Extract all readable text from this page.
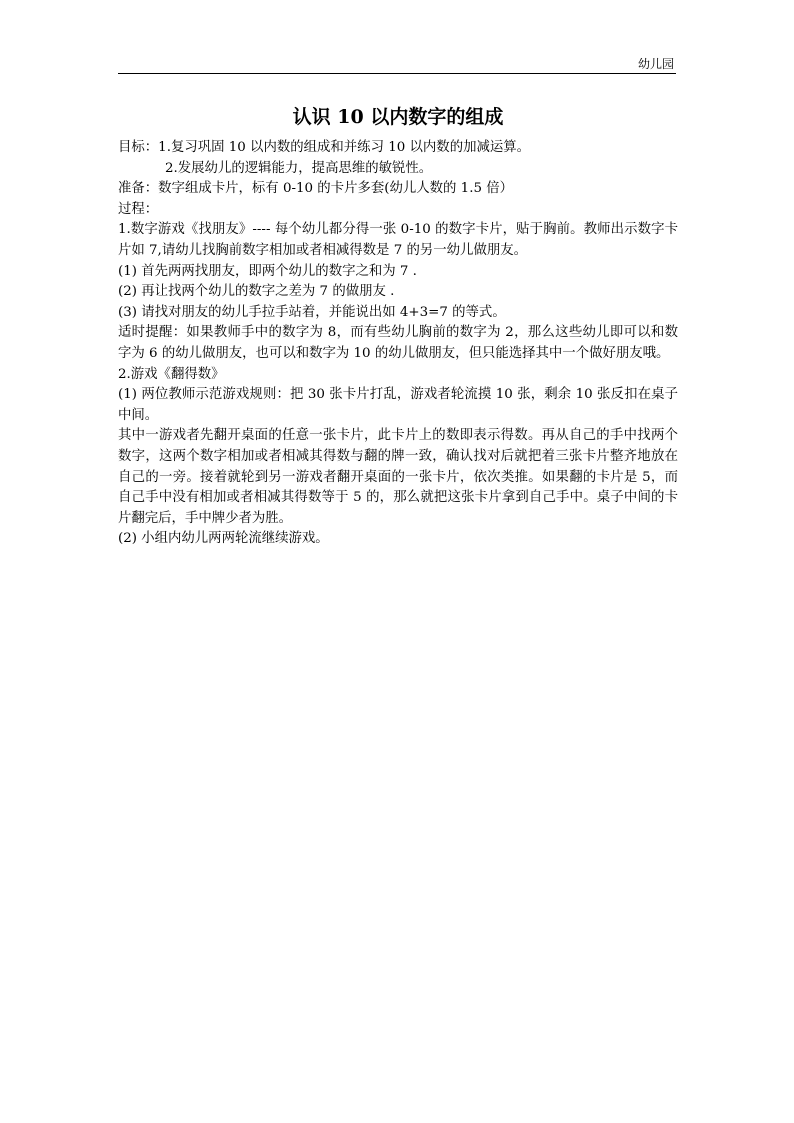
幼儿园
认识 10 以内数字的组成
目标：1.复习巩固 10 以内数的组成和并练习 10 以内数的加减运算。
2.发展幼儿的逻辑能力，提高思维的敏锐性。
准备：数字组成卡片，标有 0-10 的卡片多套(幼儿人数的 1.5 倍）
过程：
1.数字游戏《找朋友》---- 每个幼儿都分得一张 0-10 的数字卡片，贴于胸前。教师出示数字卡片如 7,请幼儿找胸前数字相加或者相减得数是 7 的另一幼儿做朋友。
(1) 首先两两找朋友，即两个幼儿的数字之和为 7 .
(2) 再让找两个幼儿的数字之差为 7 的做朋友 .
(3) 请找对朋友的幼儿手拉手站着，并能说出如 4+3=7 的等式。
适时提醒：如果教师手中的数字为 8，而有些幼儿胸前的数字为 2，那么这些幼儿即可以和数字为 6 的幼儿做朋友，也可以和数字为 10 的幼儿做朋友，但只能选择其中一个做好朋友哦。
2.游戏《翻得数》
(1) 两位教师示范游戏规则：把 30 张卡片打乱，游戏者轮流摸 10 张，剩余 10 张反扣在桌子中间。
其中一游戏者先翻开桌面的任意一张卡片，此卡片上的数即表示得数。再从自己的手中找两个数字，这两个数字相加或者相减其得数与翻的牌一致，确认找对后就把着三张卡片整齐地放在自己的一旁。接着就轮到另一游戏者翻开桌面的一张卡片，依次类推。如果翻的卡片是 5，而自己手中没有相加或者相减其得数等于 5 的，那么就把这张卡片拿到自己手中。桌子中间的卡片翻完后，手中牌少者为胜。
(2) 小组内幼儿两两轮流继续游戏。
